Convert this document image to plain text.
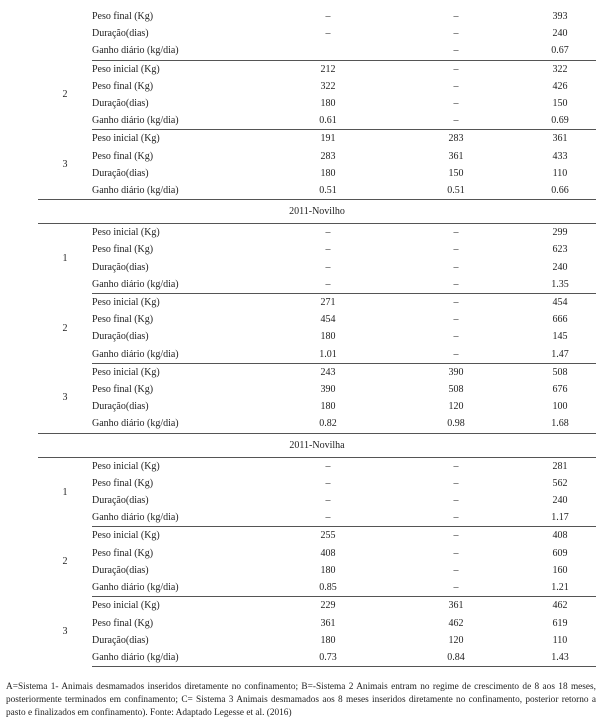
	Peso final (Kg)	–	–	393
	Duração(dias)	–	–	240
	Ganho diário (kg/dia)		–	0.67
2	Peso inicial (Kg)	212	–	322
	Peso final (Kg)	322	–	426
	Duração(dias)	180	–	150
	Ganho diário (kg/dia)	0.61	–	0.69
3	Peso inicial (Kg)	191	283	361
	Peso final (Kg)	283	361	433
	Duração(dias)	180	150	110
	Ganho diário (kg/dia)	0.51	0.51	0.66
2011-Novilho				
1	Peso inicial (Kg)	–	–	299
	Peso final (Kg)	–	–	623
	Duração(dias)	–	–	240
	Ganho diário (kg/dia)	–	–	1.35
2	Peso inicial (Kg)	271	–	454
	Peso final (Kg)	454	–	666
	Duração(dias)	180	–	145
	Ganho diário (kg/dia)	1.01	–	1.47
3	Peso inicial (Kg)	243	390	508
	Peso final (Kg)	390	508	676
	Duração(dias)	180	120	100
	Ganho diário (kg/dia)	0.82	0.98	1.68
2011-Novilha				
1	Peso inicial (Kg)	–	–	281
	Peso final (Kg)	–	–	562
	Duração(dias)	–	–	240
	Ganho diário (kg/dia)	–	–	1.17
2	Peso inicial (Kg)	255	–	408
	Peso final (Kg)	408	–	609
	Duração(dias)	180	–	160
	Ganho diário (kg/dia)	0.85	–	1.21
3	Peso inicial (Kg)	229	361	462
	Peso final (Kg)	361	462	619
	Duração(dias)	180	120	110
	Ganho diário (kg/dia)	0.73	0.84	1.43

A=Sistema 1- Animais desmamados inseridos diretamente no confinamento; B=-Sistema 2 Animais entram no regime de crescimento de 8 aos 18 meses, posteriormente terminados em confinamento; C= Sistema 3 Animais desmamados aos 8 meses inseridos diretamente no confinamento, posterior retorno a pasto e finalizados em confinamento). Fonte: Adaptado Legesse et al. (2016)
